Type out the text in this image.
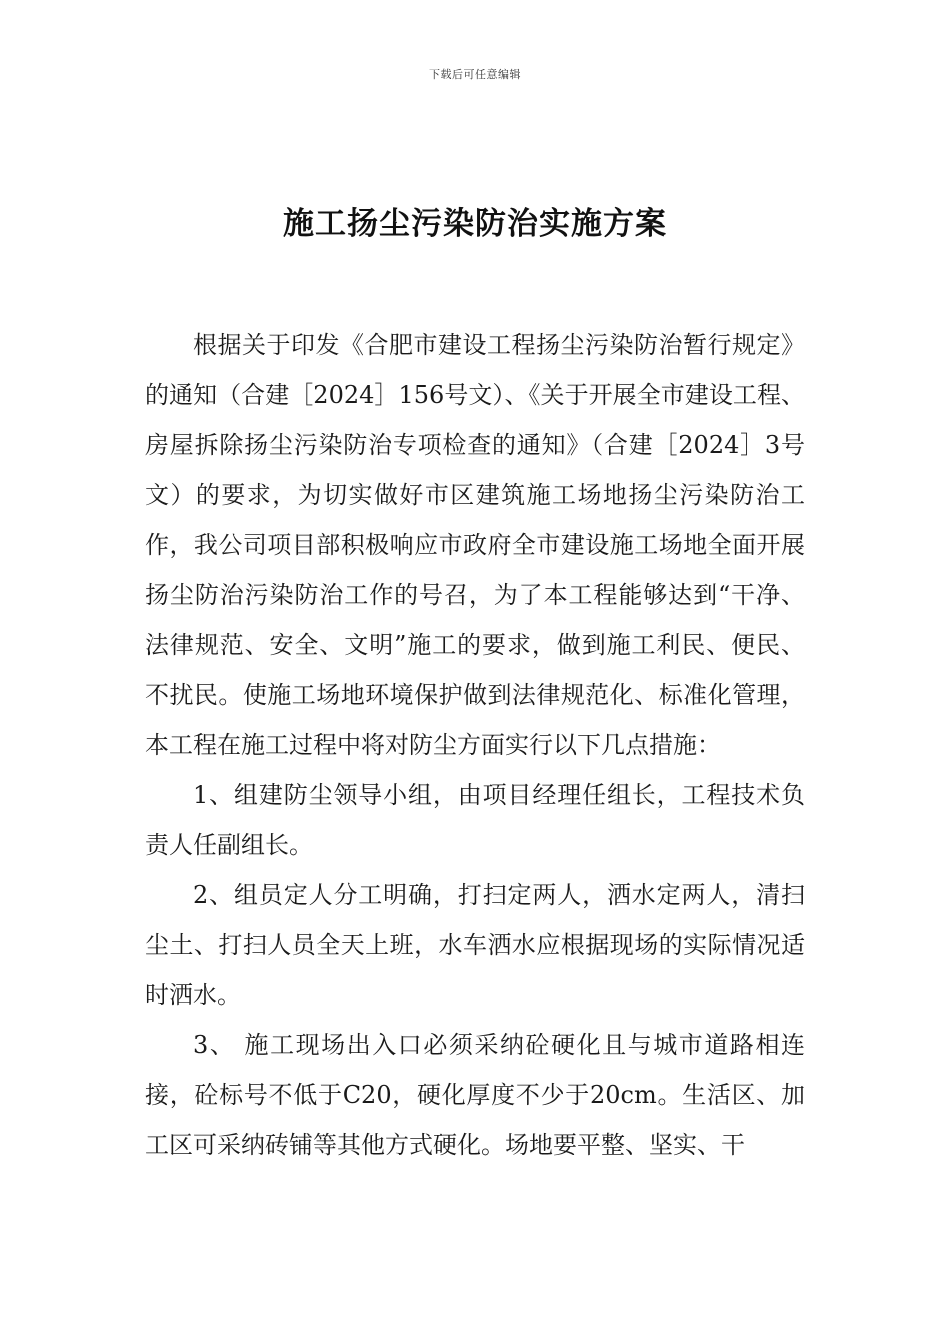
下载后可任意编辑
施工扬尘污染防治实施方案

根据关于印发《合肥市建设工程扬尘污染防治暂行规定》的通知（合建［2024］156号文）、《关于开展全市建设工程、房屋拆除扬尘污染防治专项检查的通知》（合建［2024］3号文）的要求，为切实做好市区建筑施工场地扬尘污染防治工作，我公司项目部积极响应市政府全市建设施工场地全面开展扬尘防治污染防治工作的号召，为了本工程能够达到“干净、法律规范、安全、文明”施工的要求，做到施工利民、便民、不扰民。使施工场地环境保护做到法律规范化、标准化管理，本工程在施工过程中将对防尘方面实行以下几点措施：

1、组建防尘领导小组，由项目经理任组长，工程技术负责人任副组长。

2、组员定人分工明确，打扫定两人，洒水定两人，清扫尘土、打扫人员全天上班，水车洒水应根据现场的实际情况适时洒水。

3、 施工现场出入口必须采纳砼硬化且与城市道路相连接，砼标号不低于C20，硬化厚度不少于20cm。生活区、加工区可采纳砖铺等其他方式硬化。场地要平整、坚实、干
